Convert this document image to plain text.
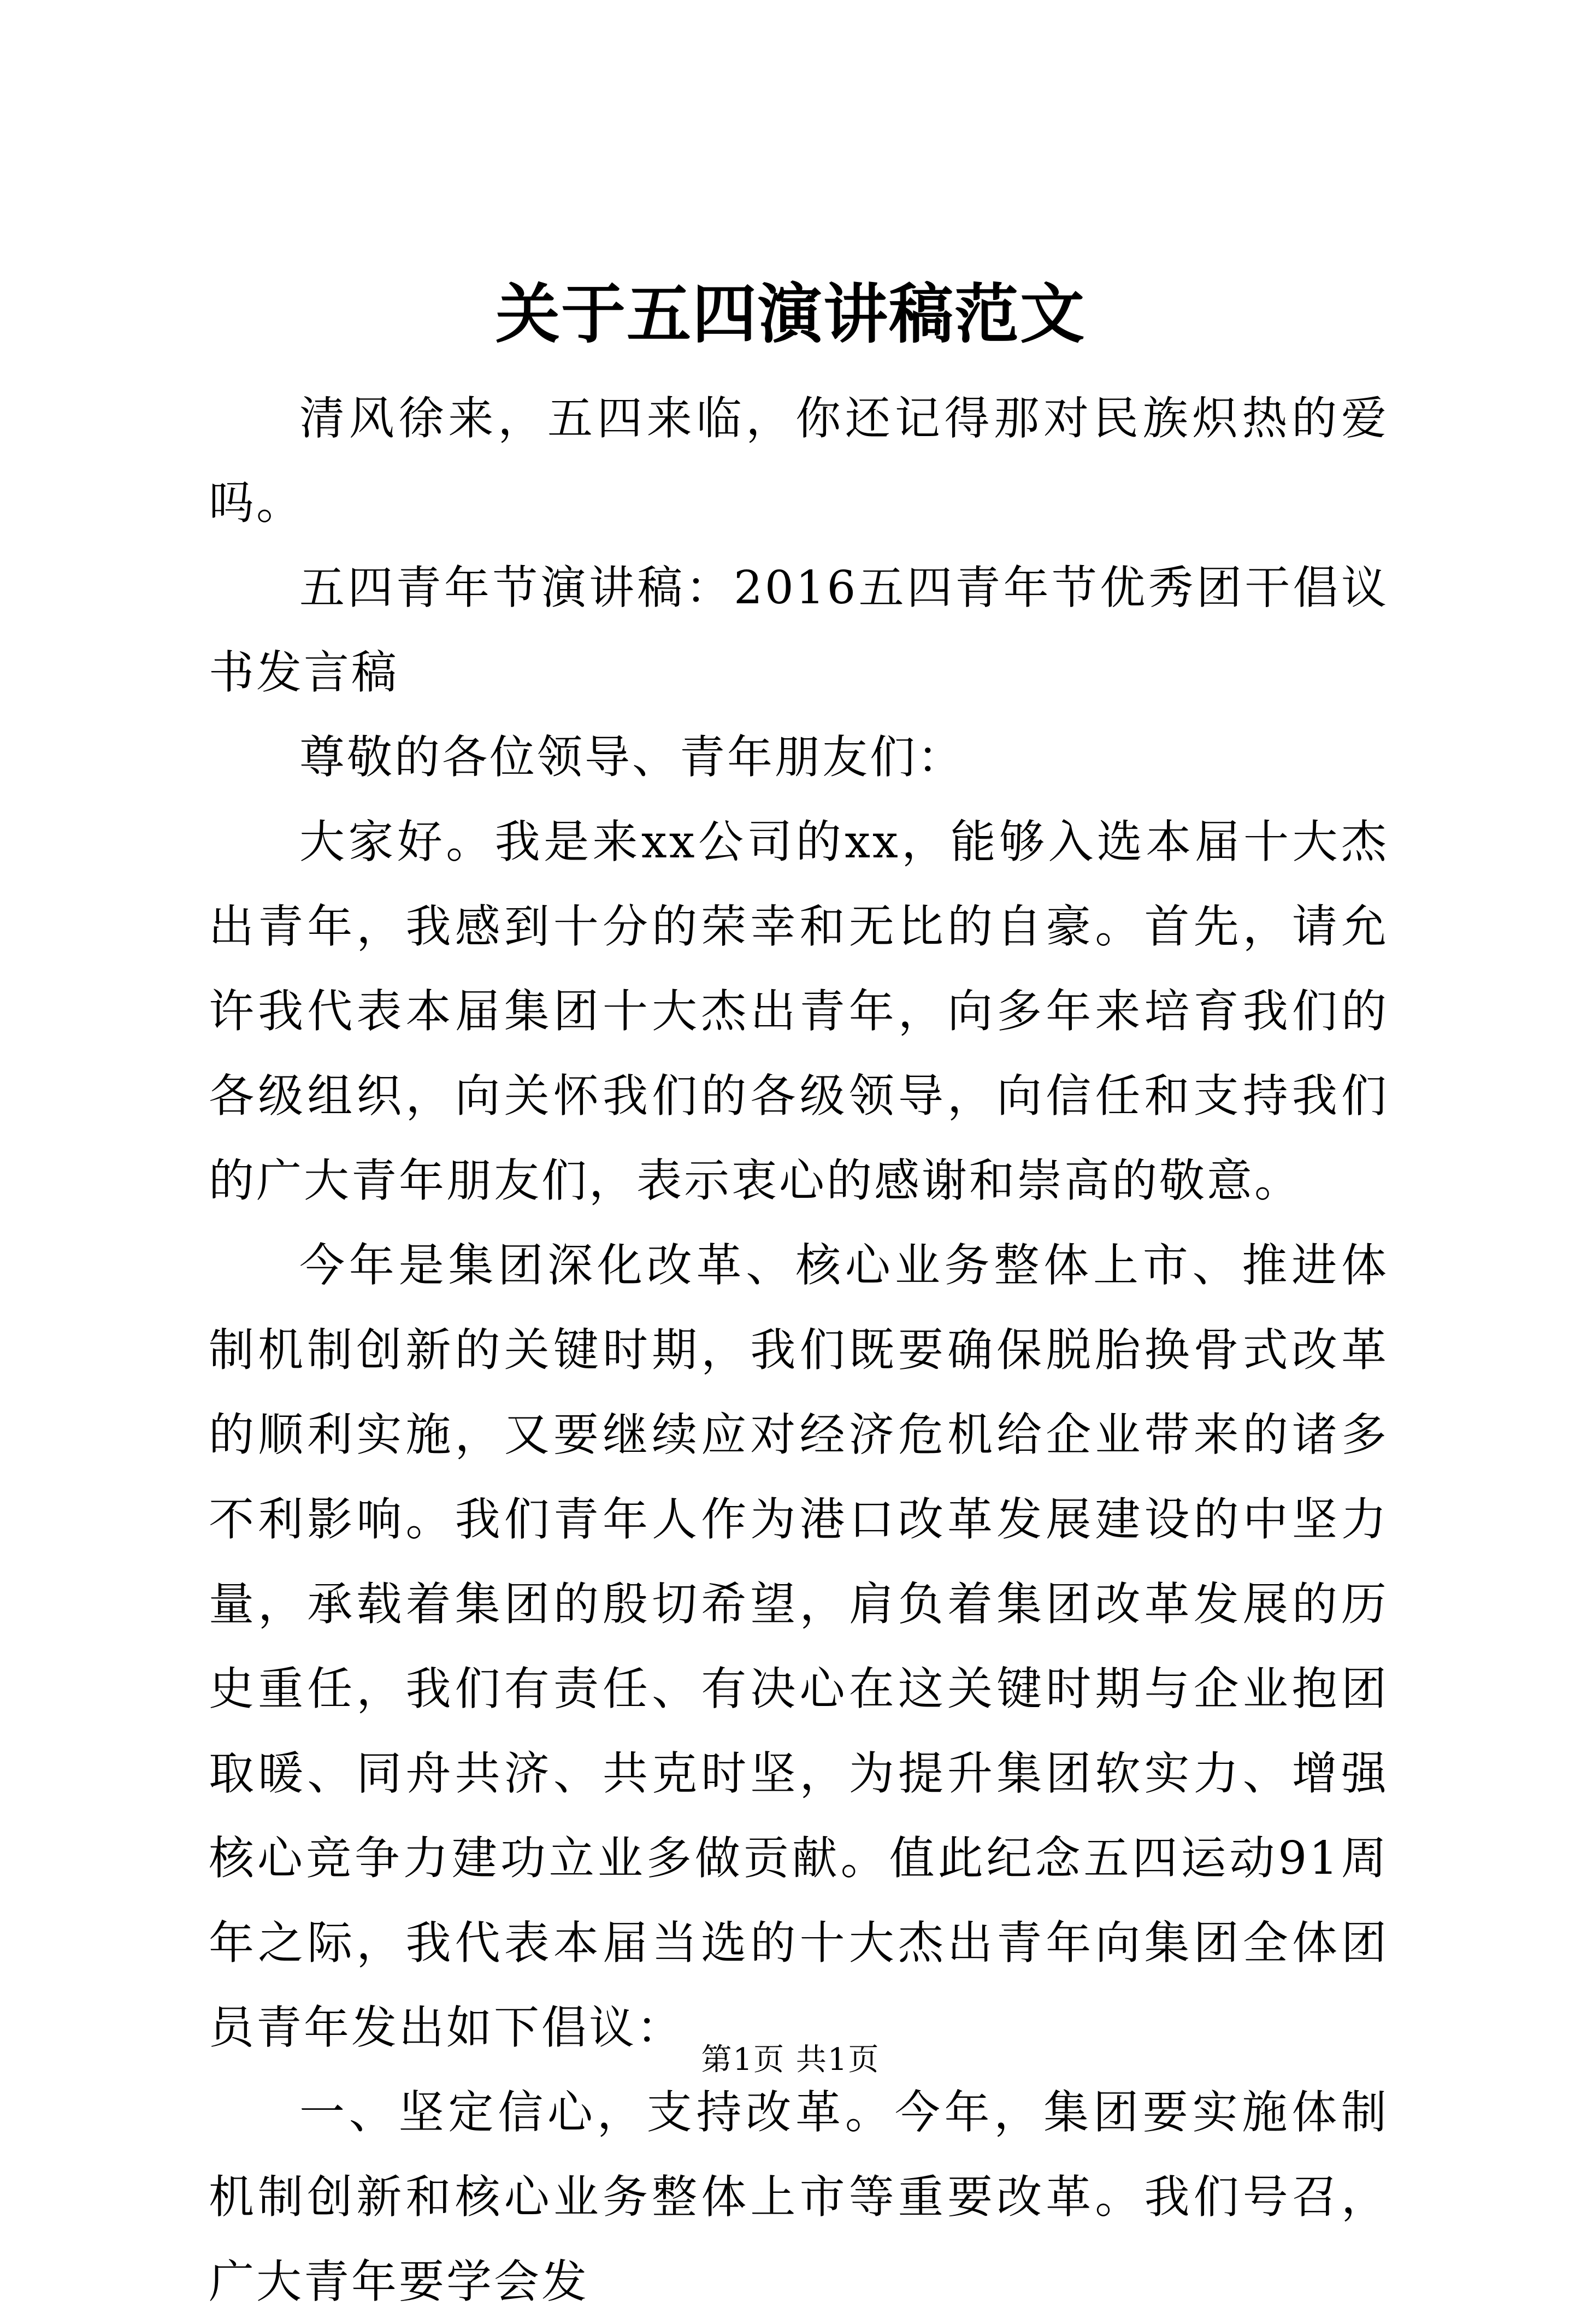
关于五四演讲稿范文

清风徐来，五四来临，你还记得那对民族炽热的爱吗。

五四青年节演讲稿：2016五四青年节优秀团干倡议书发言稿

尊敬的各位领导、青年朋友们：

大家好。我是来xx公司的xx，能够入选本届十大杰出青年，我感到十分的荣幸和无比的自豪。首先，请允许我代表本届集团十大杰出青年，向多年来培育我们的各级组织，向关怀我们的各级领导，向信任和支持我们的广大青年朋友们，表示衷心的感谢和崇高的敬意。

今年是集团深化改革、核心业务整体上市、推进体制机制创新的关键时期，我们既要确保脱胎换骨式改革的顺利实施，又要继续应对经济危机给企业带来的诸多不利影响。我们青年人作为港口改革发展建设的中坚力量，承载着集团的殷切希望，肩负着集团改革发展的历史重任，我们有责任、有决心在这关键时期与企业抱团取暖、同舟共济、共克时坚，为提升集团软实力、增强核心竞争力建功立业多做贡献。值此纪念五四运动91周年之际，我代表本届当选的十大杰出青年向集团全体团员青年发出如下倡议：

一、坚定信心，支持改革。今年，集团要实施体制机制创新和核心业务整体上市等重要改革。我们号召，广大青年要学会发

第1页 共1页
